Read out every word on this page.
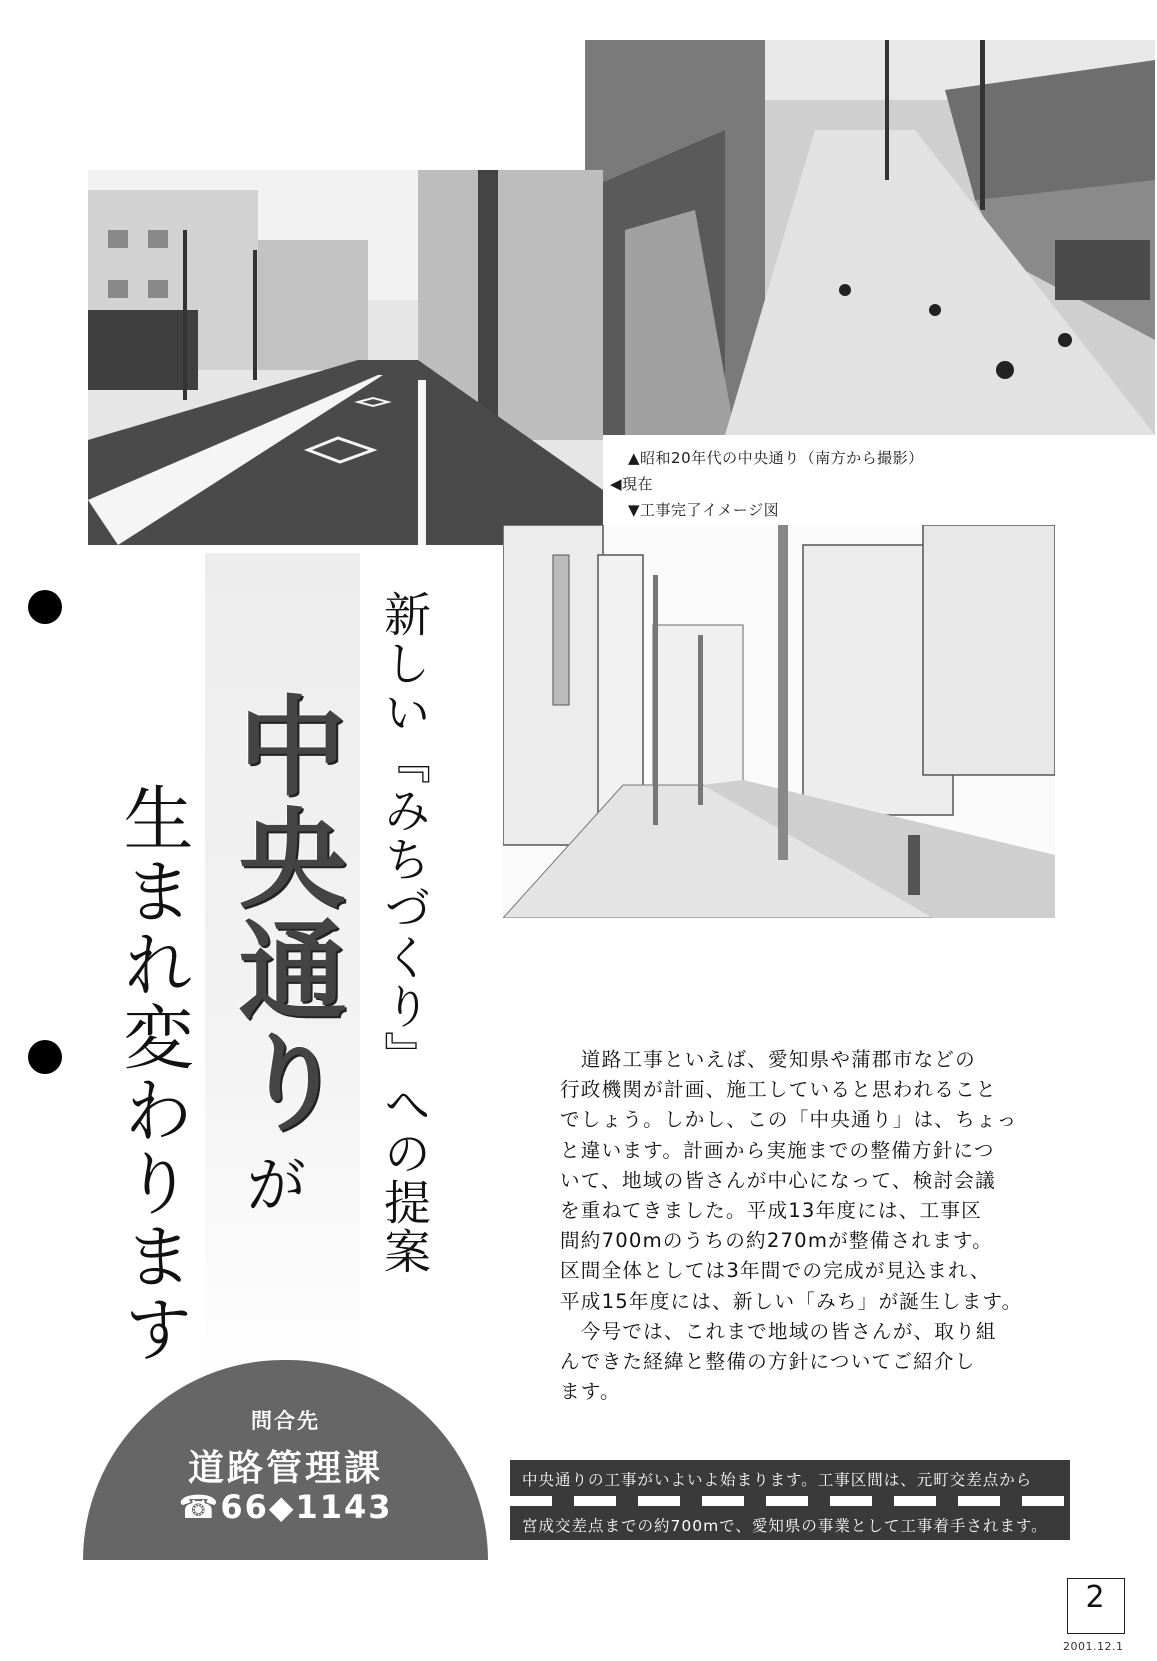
▲昭和20年代の中央通り（南方から撮影）
◀現在
▼工事完了イメージ図
新しい『みちづくり』への提案
中央通り
が
生まれ変わります	　道路工事といえば、愛知県や蒲郡市などの

行政機関が計画、施工していると思われること

でしょう。しかし、この「中央通り」は、ちょっ

と違います。計画から実施までの整備方針につ

いて、地域の皆さんが中心になって、検討会議

を重ねてきました。平成13年度には、工事区

間約700mのうちの約270mが整備されます。

区間全体としては3年間での完成が見込まれ、

平成15年度には、新しい「みち」が誕生します。

　今号では、これまで地域の皆さんが、取り組

んできた経緯と整備の方針についてご紹介し

ます。

問合先
道路管理課
☎66◆1143
中央通りの工事がいよいよ始まります。工事区間は、元町交差点から
宮成交差点までの約700mで、愛知県の事業として工事着手されます。
2
2001.12.1
